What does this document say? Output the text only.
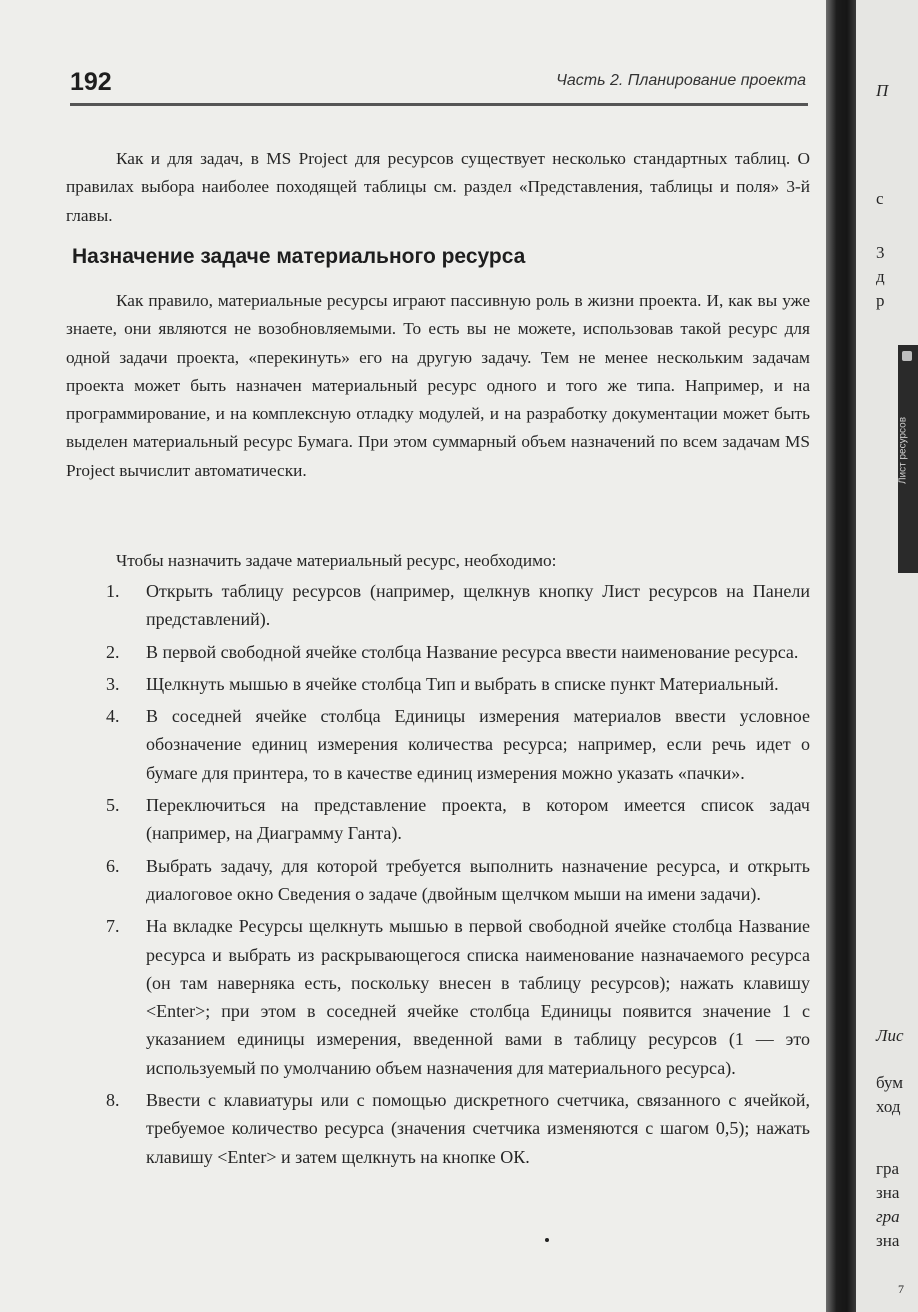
192	Часть 2. Планирование проекта

Как и для задач, в MS Project для ресурсов существует несколько стандартных таблиц. О правилах выбора наиболее походящей таблицы см. раздел «Представления, таблицы и поля» 3-й главы.

Назначение задаче материального ресурса

Как правило, материальные ресурсы играют пассивную роль в жизни проекта. И, как вы уже знаете, они являются не возобновляемыми. То есть вы не можете, использовав такой ресурс для одной задачи проекта, «перекинуть» его на другую задачу. Тем не менее нескольким задачам проекта может быть назначен материальный ресурс одного и того же типа. Например, и на программирование, и на комплексную отладку модулей, и на разработку документации может быть выделен материальный ресурс Бумага. При этом суммарный объем назначений по всем задачам MS Project вычислит автоматически.

Чтобы назначить задаче материальный ресурс, необходимо:

1.	Открыть таблицу ресурсов (например, щелкнув кнопку Лист ресурсов на Панели представлений).

2.	В первой свободной ячейке столбца Название ресурса ввести наименование ресурса.

3.	Щелкнуть мышью в ячейке столбца Тип и выбрать в списке пункт Материальный.

4.	В соседней ячейке столбца Единицы измерения материалов ввести условное обозначение единиц измерения количества ресурса; например, если речь идет о бумаге для принтера, то в качестве единиц измерения можно указать «пачки».

5.	Переключиться на представление проекта, в котором имеется список задач (например, на Диаграмму Ганта).

6.	Выбрать задачу, для которой требуется выполнить назначение ресурса, и открыть диалоговое окно Сведения о задаче (двойным щелчком мыши на имени задачи).

7.	На вкладке Ресурсы щелкнуть мышью в первой свободной ячейке столбца Название ресурса и выбрать из раскрывающегося списка наименование назначаемого ресурса (он там наверняка есть, поскольку внесен в таблицу ресурсов); нажать клавишу <Enter>; при этом в соседней ячейке столбца Единицы появится значение 1 с указанием единицы измерения, введенной вами в таблицу ресурсов (1 — это используемый по умолчанию объем назначения для материального ресурса).

8.	Ввести с клавиатуры или с помощью дискретного счетчика, связанного с ячейкой, требуемое количество ресурса (значения счетчика изменяются с шагом 0,5); нажать клавишу <Enter> и затем щелкнуть на кнопке ОК.

Лист ресурсов
П
с
3
д
р
Лис
бум
ход
гра
зна
гра
зна
7
